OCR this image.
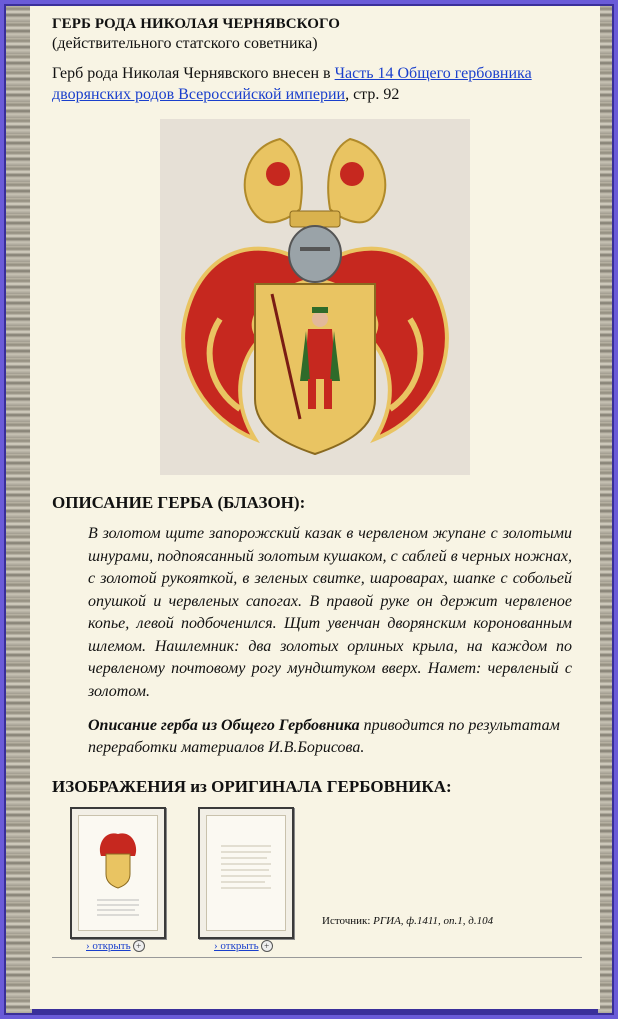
ГЕРБ РОДА НИКОЛАЯ ЧЕРНЯВСКОГО

(действительного статского советника)

Герб рода Николая Чернявского внесен в Часть 14 Общего гербовника дворянских родов Всероссийской империи, стр. 92

ОПИСАНИЕ ГЕРБА (БЛАЗОН):

В золотом щите запорожский казак в червленом жупане с золотыми шнурами, подпоясанный золотым кушаком, с саблей в черных ножнах, с золотой рукояткой, в зеленых свитке, шароварах, шапке с собольей опушкой и червленых сапогах. В правой руке он держит червленое копье, левой подбоченился. Щит увенчан дворянским коронованным шлемом. Нашлемник: два золотых орлиных крыла, на каждом по червленому почтовому рогу мундштуком вверх. Намет: червленый с золотом.

Описание герба из Общего Гербовника приводится по результатам переработки материалов И.В.Борисова.

ИЗОБРАЖЕНИЯ из ОРИГИНАЛА ГЕРБОВНИКА:
› открыть +	› открыть +
Источник: РГИА, ф.1411, оп.1, д.104
